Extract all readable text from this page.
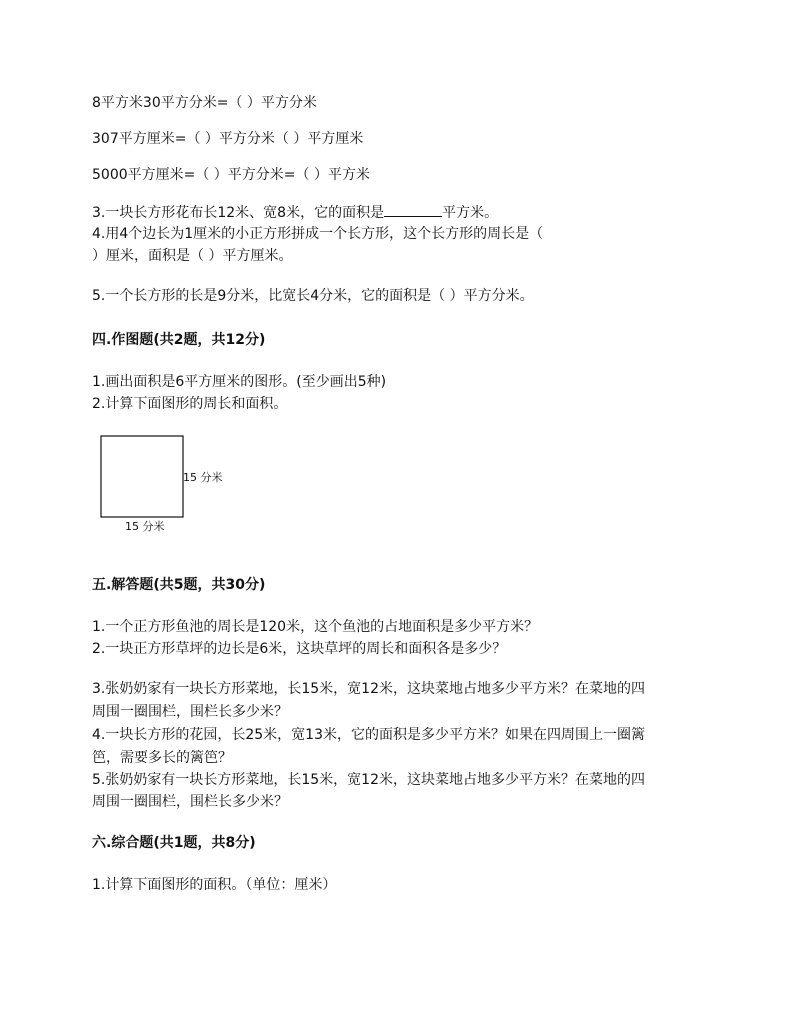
8平方米30平方分米=（ ）平方分米
307平方厘米=（ ）平方分米（ ）平方厘米
5000平方厘米=（ ）平方分米=（ ）平方米
3.一块长方形花布长12米、宽8米，它的面积是	平方米。
4.用4个边长为1厘米的小正方形拼成一个长方形，这个长方形的周长是（
）厘米，面积是（ ）平方厘米。
5.一个长方形的长是9分米，比宽长4分米，它的面积是（ ）平方分米。
四.作图题(共2题，共12分)
1.画出面积是6平方厘米的图形。(至少画出5种)
2.计算下面图形的周长和面积。
15 分米
15 分米
五.解答题(共5题，共30分)
1.一个正方形鱼池的周长是120米，这个鱼池的占地面积是多少平方米？
2.一块正方形草坪的边长是6米，这块草坪的周长和面积各是多少？
3.张奶奶家有一块长方形菜地，长15米，宽12米，这块菜地占地多少平方米？在菜地的四
周围一圈围栏，围栏长多少米？
4.一块长方形的花园，长25米，宽13米，它的面积是多少平方米？如果在四周围上一圈篱
笆，需要多长的篱笆？
5.张奶奶家有一块长方形菜地，长15米，宽12米，这块菜地占地多少平方米？在菜地的四
周围一圈围栏，围栏长多少米？
六.综合题(共1题，共8分)
1.计算下面图形的面积。（单位：厘米）
